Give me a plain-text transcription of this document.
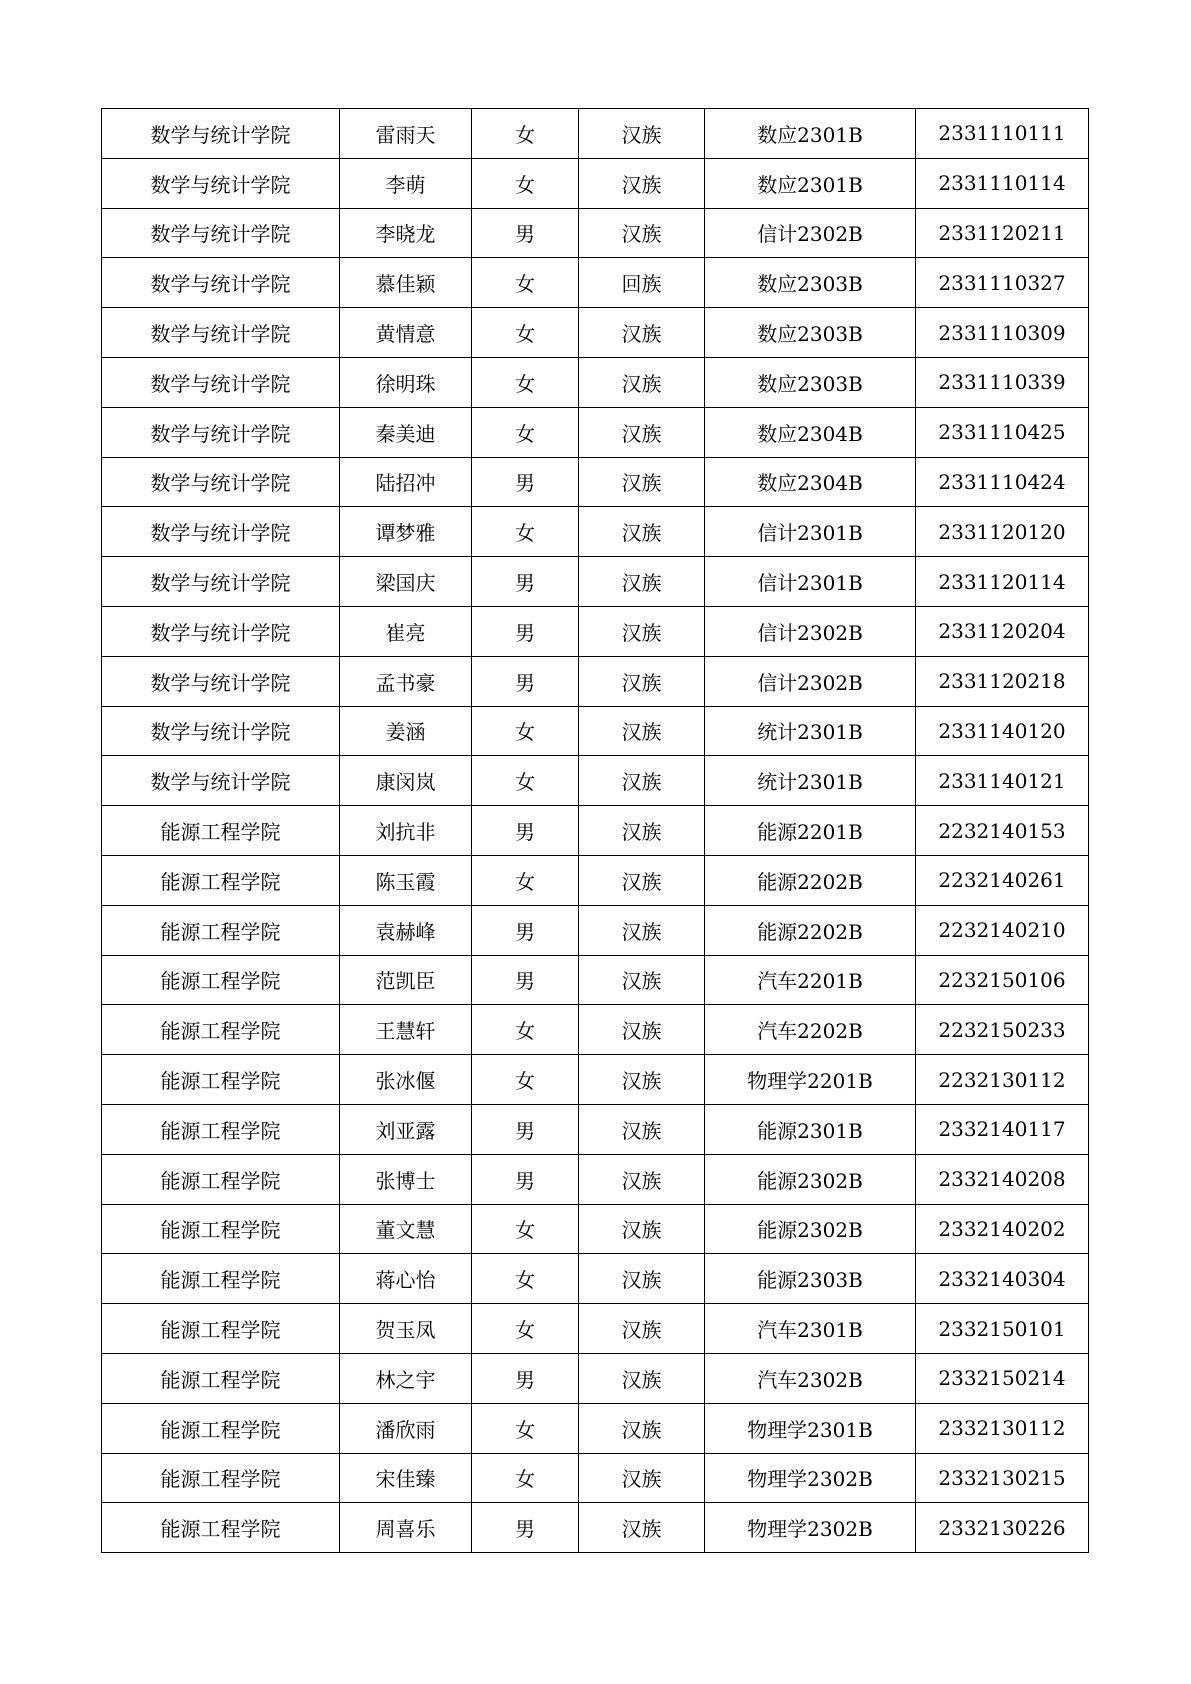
数学与统计学院	雷雨天	女	汉族	数应2301B	2331110111
数学与统计学院	李萌	女	汉族	数应2301B	2331110114
数学与统计学院	李晓龙	男	汉族	信计2302B	2331120211
数学与统计学院	慕佳颖	女	回族	数应2303B	2331110327
数学与统计学院	黄情意	女	汉族	数应2303B	2331110309
数学与统计学院	徐明珠	女	汉族	数应2303B	2331110339
数学与统计学院	秦美迪	女	汉族	数应2304B	2331110425
数学与统计学院	陆招冲	男	汉族	数应2304B	2331110424
数学与统计学院	谭梦雅	女	汉族	信计2301B	2331120120
数学与统计学院	梁国庆	男	汉族	信计2301B	2331120114
数学与统计学院	崔亮	男	汉族	信计2302B	2331120204
数学与统计学院	孟书豪	男	汉族	信计2302B	2331120218
数学与统计学院	姜涵	女	汉族	统计2301B	2331140120
数学与统计学院	康闵岚	女	汉族	统计2301B	2331140121
能源工程学院	刘抗非	男	汉族	能源2201B	2232140153
能源工程学院	陈玉霞	女	汉族	能源2202B	2232140261
能源工程学院	袁赫峰	男	汉族	能源2202B	2232140210
能源工程学院	范凯臣	男	汉族	汽车2201B	2232150106
能源工程学院	王慧轩	女	汉族	汽车2202B	2232150233
能源工程学院	张冰偃	女	汉族	物理学2201B	2232130112
能源工程学院	刘亚露	男	汉族	能源2301B	2332140117
能源工程学院	张博士	男	汉族	能源2302B	2332140208
能源工程学院	董文慧	女	汉族	能源2302B	2332140202
能源工程学院	蒋心怡	女	汉族	能源2303B	2332140304
能源工程学院	贺玉凤	女	汉族	汽车2301B	2332150101
能源工程学院	林之宇	男	汉族	汽车2302B	2332150214
能源工程学院	潘欣雨	女	汉族	物理学2301B	2332130112
能源工程学院	宋佳臻	女	汉族	物理学2302B	2332130215
能源工程学院	周喜乐	男	汉族	物理学2302B	2332130226
